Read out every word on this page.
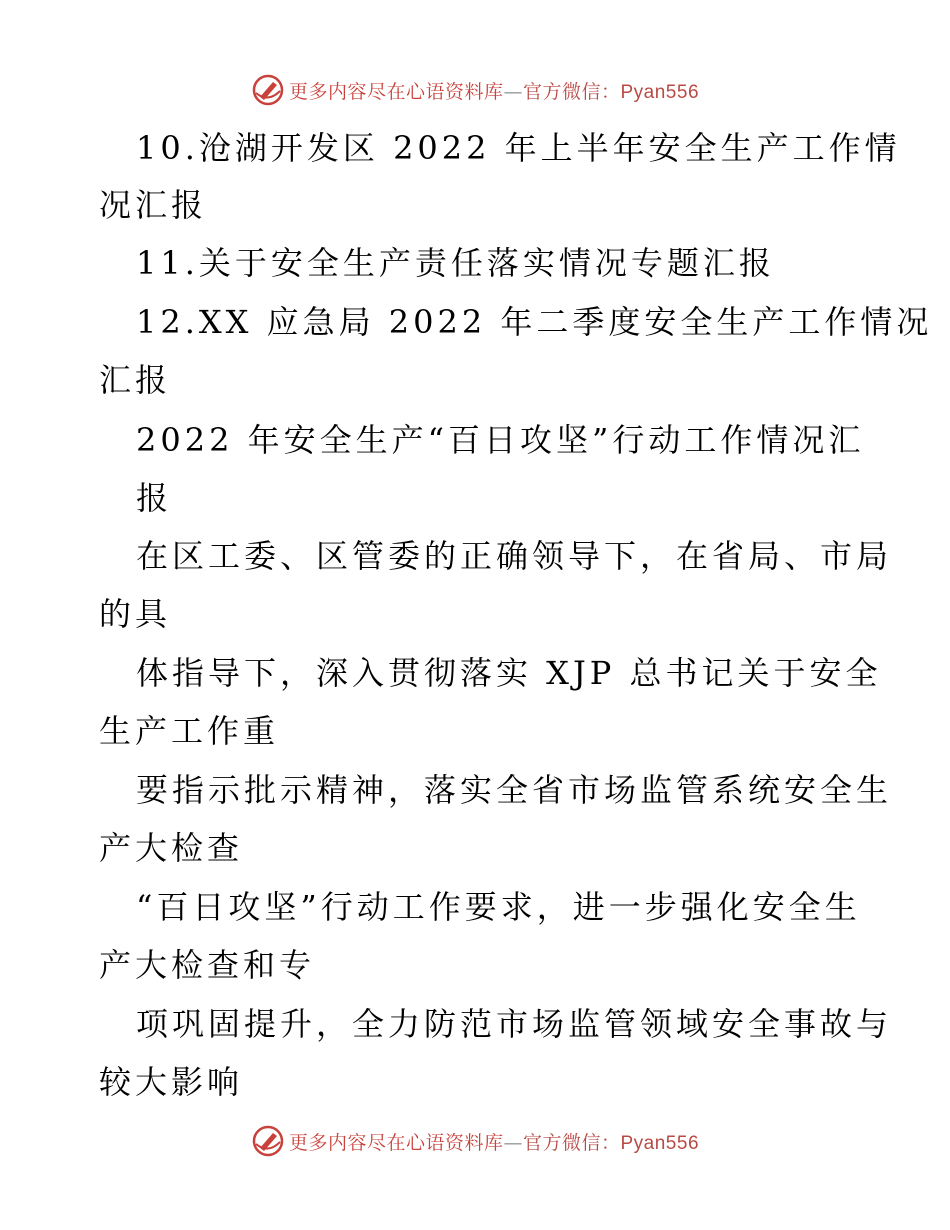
更多内容尽在心语资料库—官方微信：Pyan556
10.沧湖开发区 2022 年上半年安全生产工作情
况汇报
11.关于安全生产责任落实情况专题汇报
12.XX 应急局 2022 年二季度安全生产工作情况
汇报
2022 年安全生产“百日攻坚”行动工作情况汇
报
在区工委、区管委的正确领导下，在省局、市局
的具
体指导下，深入贯彻落实 XJP 总书记关于安全
生产工作重
要指示批示精神，落实全省市场监管系统安全生
产大检查
“百日攻坚”行动工作要求，进一步强化安全生
产大检查和专
项巩固提升，全力防范市场监管领域安全事故与
较大影响
更多内容尽在心语资料库—官方微信：Pyan556
